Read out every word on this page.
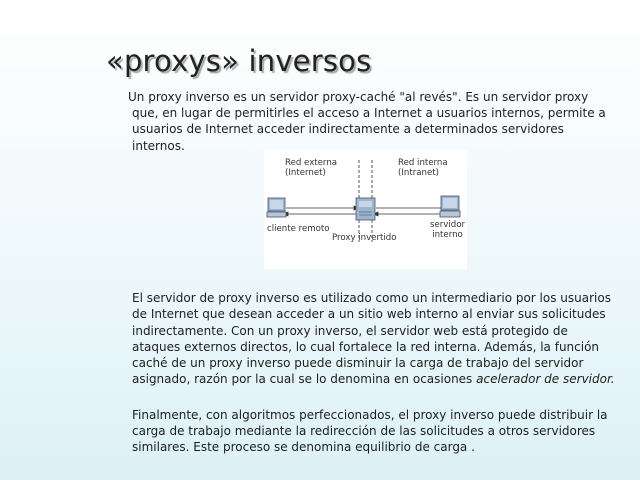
«proxys» inversos

Un proxy inverso es un servidor proxy-caché "al revés". Es un servidor proxy que, en lugar de permitirles el acceso a Internet a usuarios internos, permite a usuarios de Internet acceder indirectamente a determinados servidores internos.

Red externa
(Internet)
Red interna
(Intranet)
cliente remoto
Proxy invertido
servidor
interno

El servidor de proxy inverso es utilizado como un intermediario por los usuarios de Internet que desean acceder a un sitio web interno al enviar sus solicitudes indirectamente. Con un proxy inverso, el servidor web está protegido de ataques externos directos, lo cual fortalece la red interna. Además, la función caché de un proxy inverso puede disminuir la carga de trabajo del servidor asignado, razón por la cual se lo denomina en ocasiones acelerador de servidor.

Finalmente, con algoritmos perfeccionados, el proxy inverso puede distribuir la carga de trabajo mediante la redirección de las solicitudes a otros servidores similares. Este proceso se denomina equilibrio de carga .
